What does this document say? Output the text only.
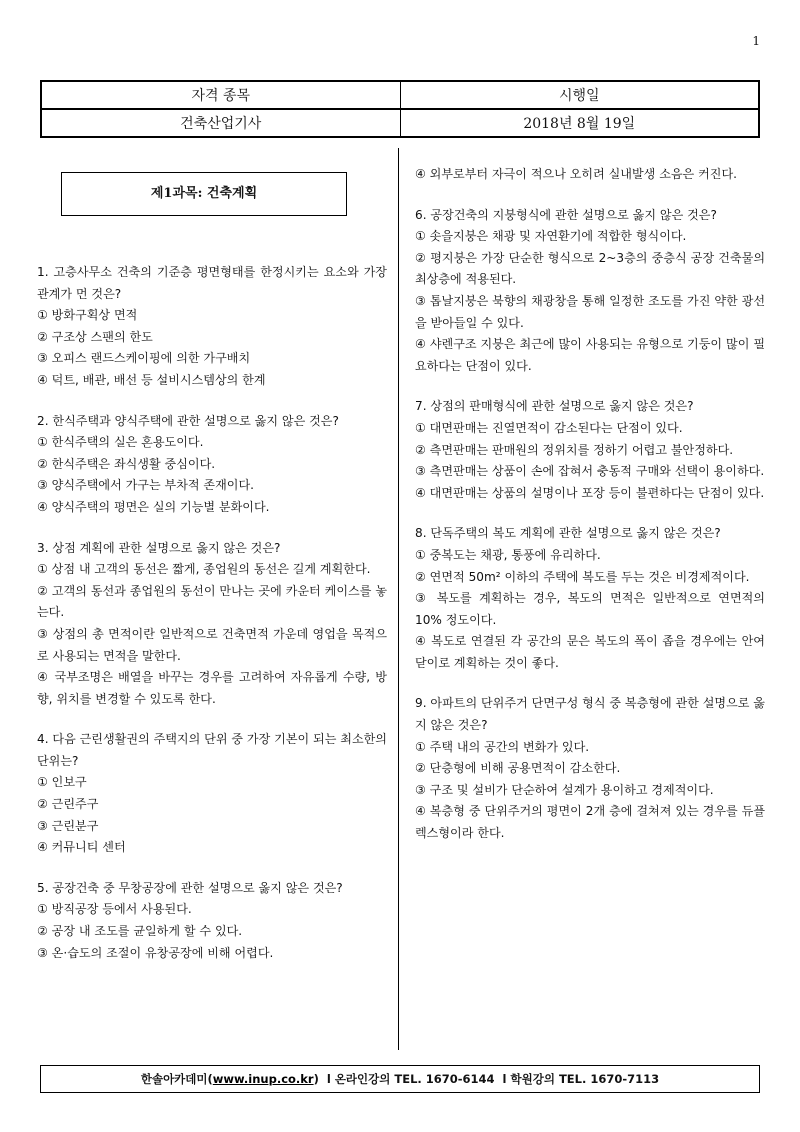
1
자격 종목	시행일
건축산업기사	2018년 8월 19일
제1과목: 건축계획
1. 고층사무소 건축의 기준층 평면형태를 한정시키는 요소와 가장 관계가 먼 것은?
① 방화구획상 면적
② 구조상 스팬의 한도
③ 오피스 랜드스케이핑에 의한 가구배치
④ 덕트, 배관, 배선 등 설비시스템상의 한계
2. 한식주택과 양식주택에 관한 설명으로 옳지 않은 것은?
① 한식주택의 실은 혼용도이다.
② 한식주택은 좌식생활 중심이다.
③ 양식주택에서 가구는 부차적 존재이다.
④ 양식주택의 평면은 실의 기능별 분화이다.
3. 상점 계획에 관한 설명으로 옳지 않은 것은?
① 상점 내 고객의 동선은 짧게, 종업원의 동선은 길게 계획한다.
② 고객의 동선과 종업원의 동선이 만나는 곳에 카운터 케이스를 놓는다.
③ 상점의 총 면적이란 일반적으로 건축면적 가운데 영업을 목적으로 사용되는 면적을 말한다.
④ 국부조명은 배열을 바꾸는 경우를 고려하여 자유롭게 수량, 방향, 위치를 변경할 수 있도록 한다.
4. 다음 근린생활권의 주택지의 단위 중 가장 기본이 되는 최소한의 단위는?
① 인보구
② 근린주구
③ 근린분구
④ 커뮤니티 센터
5. 공장건축 중 무창공장에 관한 설명으로 옳지 않은 것은?
① 방직공장 등에서 사용된다.
② 공장 내 조도를 균일하게 할 수 있다.
③ 온·습도의 조절이 유창공장에 비해 어렵다.
④ 외부로부터 자극이 적으나 오히려 실내발생 소음은 커진다.
6. 공장건축의 지붕형식에 관한 설명으로 옳지 않은 것은?
① 솟을지붕은 채광 및 자연환기에 적합한 형식이다.
② 평지붕은 가장 단순한 형식으로 2~3층의 중층식 공장 건축물의 최상층에 적용된다.
③ 톱날지붕은 북향의 채광창을 통해 일정한 조도를 가진 약한 광선을 받아들일 수 있다.
④ 샤렌구조 지붕은 최근에 많이 사용되는 유형으로 기둥이 많이 필요하다는 단점이 있다.
7. 상점의 판매형식에 관한 설명으로 옳지 않은 것은?
① 대면판매는 진열면적이 감소된다는 단점이 있다.
② 측면판매는 판매원의 정위치를 정하기 어렵고 불안정하다.
③ 측면판매는 상품이 손에 잡혀서 충동적 구매와 선택이 용이하다.
④ 대면판매는 상품의 설명이나 포장 등이 불편하다는 단점이 있다.
8. 단독주택의 복도 계획에 관한 설명으로 옳지 않은 것은?
① 중복도는 채광, 통풍에 유리하다.
② 연면적 50m² 이하의 주택에 복도를 두는 것은 비경제적이다.
③ 복도를 계획하는 경우, 복도의 면적은 일반적으로 연면적의 10% 정도이다.
④ 복도로 연결된 각 공간의 문은 복도의 폭이 좁을 경우에는 안여닫이로 계획하는 것이 좋다.
9. 아파트의 단위주거 단면구성 형식 중 복층형에 관한 설명으로 옳지 않은 것은?
① 주택 내의 공간의 변화가 있다.
② 단층형에 비해 공용면적이 감소한다.
③ 구조 및 설비가 단순하여 설계가 용이하고 경제적이다.
④ 복층형 중 단위주거의 평면이 2개 층에 걸쳐져 있는 경우를 듀플렉스형이라 한다.
한솔아카데미( www.inup.co.kr )  l 온라인강의 TEL. 1670-6144  l 학원강의 TEL. 1670-7113
